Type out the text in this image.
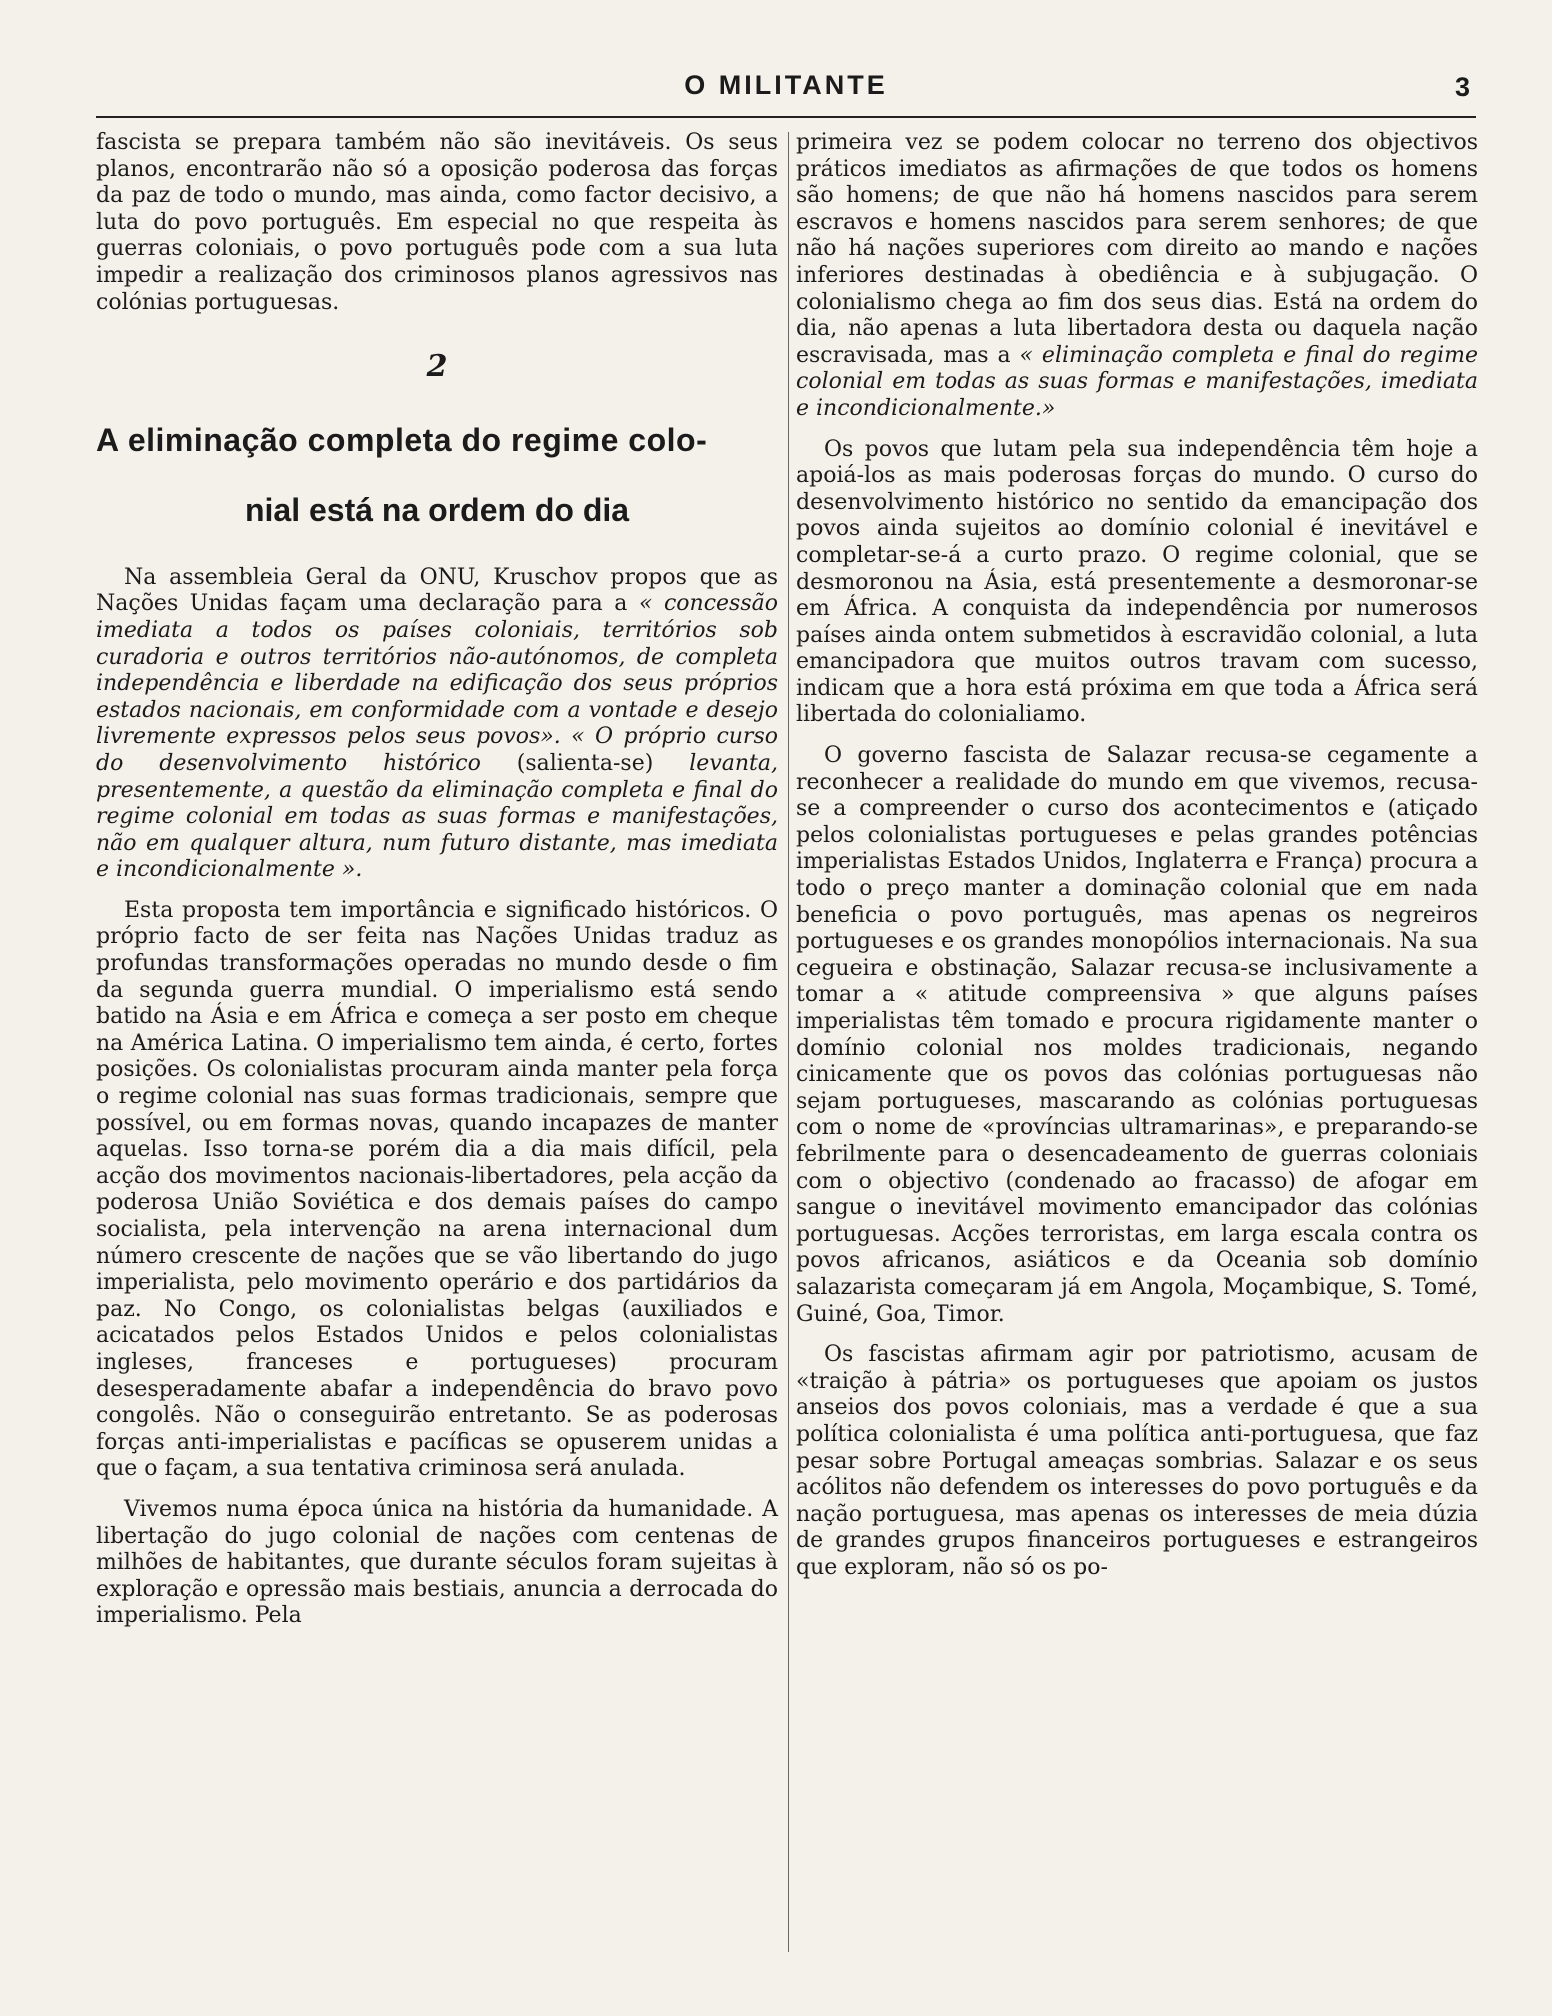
O MILITANTE	3

fascista se prepara também não são inevitáveis. Os seus planos, encontrarão não só a oposição poderosa das forças da paz de todo o mundo, mas ainda, como factor decisivo, a luta do povo português. Em especial no que respeita às guerras coloniais, o povo português pode com a sua luta impedir a realização dos criminosos planos agressivos nas colónias portuguesas.

2
A eliminação completa do regime colo-
nial está na ordem do dia

Na assembleia Geral da ONU, Kruschov propos que as Nações Unidas façam uma declaração para a « concessão imediata a todos os países coloniais, territórios sob curadoria e outros territórios não-autónomos, de completa independência e liberdade na edificação dos seus próprios estados nacionais, em conformidade com a vontade e desejo livremente expressos pelos seus povos». « O próprio curso do desenvolvimento histórico (salienta-se) levanta, presentemente, a questão da eliminação completa e final do regime colonial em todas as suas formas e manifestações, não em qualquer altura, num futuro distante, mas imediata e incondicionalmente ».

Esta proposta tem importância e significado históricos. O próprio facto de ser feita nas Nações Unidas traduz as profundas transformações operadas no mundo desde o fim da segunda guerra mundial. O imperialismo está sendo batido na Ásia e em África e começa a ser posto em cheque na América Latina. O imperialismo tem ainda, é certo, fortes posições. Os colonialistas procuram ainda manter pela força o regime colonial nas suas formas tradicionais, sempre que possível, ou em formas novas, quando incapazes de manter aquelas. Isso torna-se porém dia a dia mais difícil, pela acção dos movimentos nacionais-libertadores, pela acção da poderosa União Soviética e dos demais países do campo socialista, pela intervenção na arena internacional dum número crescente de nações que se vão libertando do jugo imperialista, pelo movimento operário e dos partidários da paz. No Congo, os colonialistas belgas (auxiliados e acicatados pelos Estados Unidos e pelos colonialistas ingleses, franceses e portugueses) procuram desesperadamente abafar a independência do bravo povo congolês. Não o conseguirão entretanto. Se as poderosas forças anti-imperialistas e pacíficas se opuserem unidas a que o façam, a sua tentativa criminosa será anulada.

Vivemos numa época única na história da humanidade. A libertação do jugo colonial de nações com centenas de milhões de habitantes, que durante séculos foram sujeitas à exploração e opressão mais bestiais, anuncia a derrocada do imperialismo. Pela

primeira vez se podem colocar no terreno dos objectivos práticos imediatos as afirmações de que todos os homens são homens; de que não há homens nascidos para serem escravos e homens nascidos para serem senhores; de que não há nações superiores com direito ao mando e nações inferiores destinadas à obediência e à subjugação. O colonialismo chega ao fim dos seus dias. Está na ordem do dia, não apenas a luta libertadora desta ou daquela nação escravisada, mas a « eliminação completa e final do regime colonial em todas as suas formas e manifestações, imediata e incondicionalmente.»

Os povos que lutam pela sua independência têm hoje a apoiá-los as mais poderosas forças do mundo. O curso do desenvolvimento histórico no sentido da emancipação dos povos ainda sujeitos ao domínio colonial é inevitável e completar-se-á a curto prazo. O regime colonial, que se desmoronou na Ásia, está presentemente a desmoronar-se em África. A conquista da independência por numerosos países ainda ontem submetidos à escravidão colonial, a luta emancipadora que muitos outros travam com sucesso, indicam que a hora está próxima em que toda a África será libertada do colonialiamo.

O governo fascista de Salazar recusa-se cegamente a reconhecer a realidade do mundo em que vivemos, recusa-se a compreender o curso dos acontecimentos e (atiçado pelos colonialistas portugueses e pelas grandes potências imperialistas Estados Unidos, Inglaterra e França) procura a todo o preço manter a dominação colonial que em nada beneficia o povo português, mas apenas os negreiros portugueses e os grandes monopólios internacionais. Na sua cegueira e obstinação, Salazar recusa-se inclusivamente a tomar a « atitude compreensiva » que alguns países imperialistas têm tomado e procura rigidamente manter o domínio colonial nos moldes tradicionais, negando cinicamente que os povos das colónias portuguesas não sejam portugueses, mascarando as colónias portuguesas com o nome de «províncias ultramarinas», e preparando-se febrilmente para o desencadeamento de guerras coloniais com o objectivo (condenado ao fracasso) de afogar em sangue o inevitável movimento emancipador das colónias portuguesas. Acções terroristas, em larga escala contra os povos africanos, asiáticos e da Oceania sob domínio salazarista começaram já em Angola, Moçambique, S. Tomé, Guiné, Goa, Timor.

Os fascistas afirmam agir por patriotismo, acusam de «traição à pátria» os portugueses que apoiam os justos anseios dos povos coloniais, mas a verdade é que a sua política colonialista é uma política anti-portuguesa, que faz pesar sobre Portugal ameaças sombrias. Salazar e os seus acólitos não defendem os interesses do povo português e da nação portuguesa, mas apenas os interesses de meia dúzia de grandes grupos financeiros portugueses e estrangeiros que exploram, não só os po-
